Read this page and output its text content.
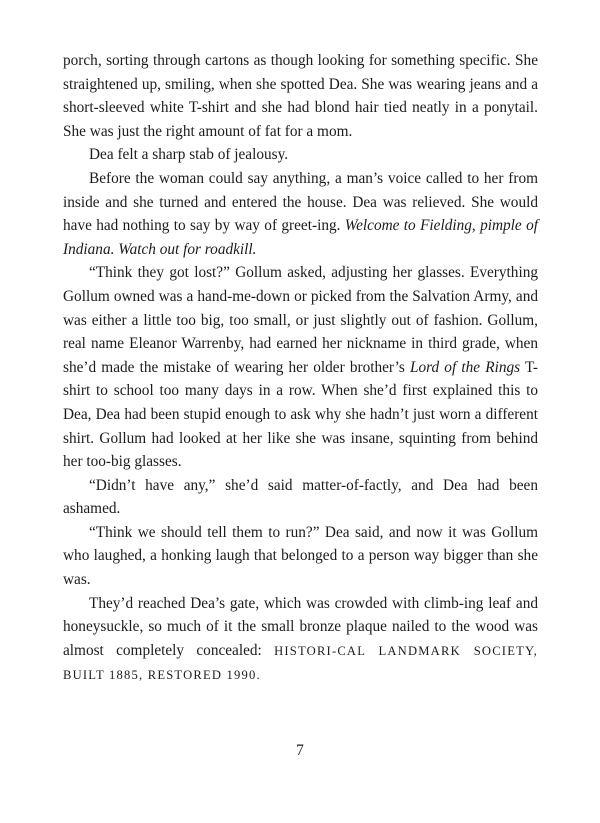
porch, sorting through cartons as though looking for something specific. She straightened up, smiling, when she spotted Dea. She was wearing jeans and a short-sleeved white T-shirt and she had blond hair tied neatly in a ponytail. She was just the right amount of fat for a mom.

Dea felt a sharp stab of jealousy.

Before the woman could say anything, a man’s voice called to her from inside and she turned and entered the house. Dea was relieved. She would have had nothing to say by way of greet-ing. Welcome to Fielding, pimple of Indiana. Watch out for roadkill.

“Think they got lost?” Gollum asked, adjusting her glasses. Everything Gollum owned was a hand-me-down or picked from the Salvation Army, and was either a little too big, too small, or just slightly out of fashion. Gollum, real name Eleanor Warrenby, had earned her nickname in third grade, when she’d made the mistake of wearing her older brother’s Lord of the Rings T-shirt to school too many days in a row. When she’d first explained this to Dea, Dea had been stupid enough to ask why she hadn’t just worn a different shirt. Gollum had looked at her like she was insane, squinting from behind her too-big glasses.

“Didn’t have any,” she’d said matter-of-factly, and Dea had been ashamed.

“Think we should tell them to run?” Dea said, and now it was Gollum who laughed, a honking laugh that belonged to a person way bigger than she was.

They’d reached Dea’s gate, which was crowded with climb-ing leaf and honeysuckle, so much of it the small bronze plaque nailed to the wood was almost completely concealed: HISTORI-CAL LANDMARK SOCIETY, BUILT 1885, RESTORED 1990.

7
